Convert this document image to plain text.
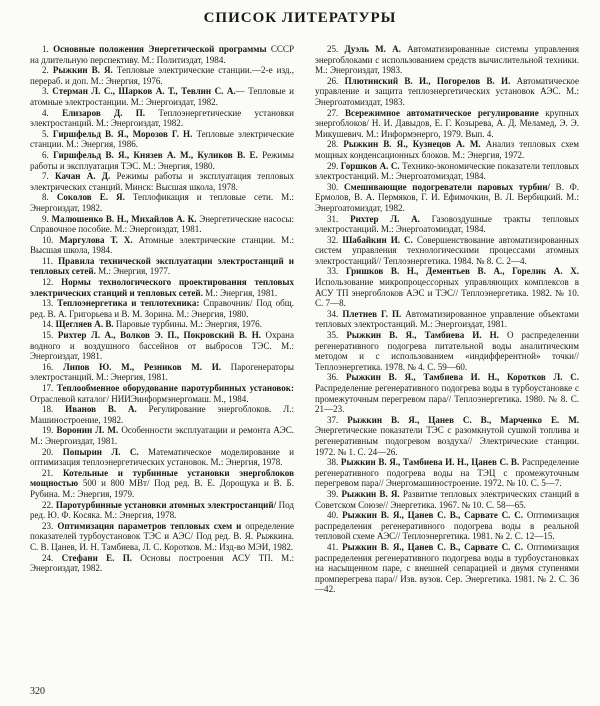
СПИСОК ЛИТЕРАТУРЫ

1. Основные положения Энергетической программы СССР на длительную перспективу. М.: Политиздат, 1984.

2. Рыжкин В. Я. Тепловые электрические станции.—2-е изд., перераб. и доп. М.: Энергия, 1976.

3. Стерман Л. С., Шарков А. Т., Тевлин С. А.— Тепловые и атомные электростанции. М.: Энергоиздат, 1982.

4. Елизаров Д. П. Теплоэнергетические установки электростанций. М.: Энергоиздат, 1982.

5. Гиршфельд В. Я., Морозов Г. Н. Тепловые электрические станции. М.: Энергия, 1986.

6. Гиршфельд В. Я., Князев А. М., Куликов В. Е. Режимы работы и эксплуатация ТЭС. М.: Энергия, 1980.

7. Качан А. Д. Режимы работы и эксплуатация тепловых электрических станций. Минск: Высшая школа, 1978.

8. Соколов Е. Я. Теплофикация и тепловые сети. М.: Энергоиздат, 1982.

9. Малюшенко В. Н., Михайлов А. К. Энергетические насосы: Справочное пособие. М.: Энергоиздат, 1981.

10. Маргулова Т. Х. Атомные электрические станции. М.: Высшая школа, 1984.

11. Правила технической эксплуатации электростанций и тепловых сетей. М.: Энергия, 1977.

12. Нормы технологического проектирования тепловых электрических станций и тепловых сетей. М.: Энергия, 1981.

13. Теплоэнергетика и теплотехника: Справочник/ Под общ. ред. В. А. Григорьева и В. М. Зорина. М.: Энергия, 1980.

14. Щегляев А. В. Паровые турбины. М.: Энергия, 1976.

15. Рихтер Л. А., Волков Э. П., Покровский В. Н. Охрана водного и воздушного бассейнов от выбросов ТЭС. М.: Энергоиздат, 1981.

16. Липов Ю. М., Резников М. И. Парогенераторы электростанций. М.: Энергия, 1981.

17. Теплообменное оборудование паротурбинных установок: Отраслевой каталог/ НИИЭинформэнергомаш. М., 1984.

18. Иванов В. А. Регулирование энергоблоков. Л.: Машиностроение, 1982.

19. Воронин Л. М. Особенности эксплуатации и ремонта АЭС. М.: Энергоиздат, 1981.

20. Попырин Л. С. Математическое моделирование и оптимизация теплоэнергетических установок. М.: Энергия, 1978.

21. Котельные и турбинные установки энергоблоков мощностью 500 и 800 МВт/ Под ред. В. Е. Дорощука и В. Б. Рубина. М.: Энергия, 1979.

22. Паротурбинные установки атомных электростанций/ Под ред. Ю. Ф. Косяка. М.: Энергия, 1978.

23. Оптимизация параметров тепловых схем и определение показателей турбоустановок ТЭС и АЭС/ Под ред. В. Я. Рыжкина. С. В. Цанев, И. Н. Тамбиева, Л. С. Коротков. М.: Изд-во МЭИ, 1982.

24. Стефани Е. П. Основы построения АСУ ТП. М.: Энергоиздат, 1982.

25. Дуэль М. А. Автоматизированные системы управления энергоблоками с использованием средств вычислительной техники. М.: Энергоиздат, 1983.

26. Плютинский В. И., Погорелов В. И. Автоматическое управление и защита теплоэнергетических установок АЭС. М.: Энергоатомиздат, 1983.

27. Всережимное автоматическое регулирование крупных энергоблоков/ Н. И. Давыдов, Е. Г. Козырева, А. Д. Меламед, Э. Э. Микушевич. М.: Информэнерго, 1979. Вып. 4.

28. Рыжкин В. Я., Кузнецов А. М. Анализ тепловых схем мощных конденсационных блоков. М.: Энергия, 1972.

29. Горшков А. С. Технико-экономические показатели тепловых электростанций. М.: Энергоатомиздат, 1984.

30. Смешивающие подогреватели паровых турбин/ В. Ф. Ермолов, В. А. Пермяков, Г. И. Ефимочкин, В. Л. Вербицкий. М.: Энергоатомиздат, 1982.

31. Рихтер Л. А. Газовоздушные тракты тепловых электростанций. М.: Энергоатомиздат, 1984.

32. Шабайкин И. С. Совершенствование автоматизированных систем управления технологическими процессами атомных электростанций// Теплоэнергетика. 1984. № 8. С. 2—4.

33. Гришков В. Н., Дементьев В. А., Горелик А. Х. Использование микропроцессорных управляющих комплексов в АСУ ТП энергоблоков АЭС и ТЭС// Теплоэнергетика. 1982. № 10. С. 7—8.

34. Плетнев Г. П. Автоматизированное управление объектами тепловых электростанций. М.: Энергоиздат, 1981.

35. Рыжкин В. Я., Тамбиева И. Н. О распределении регенеративного подогрева питательной воды аналитическим методом и с использованием «индифферентной» точки// Теплоэнергетика. 1978. № 4. С. 59—60.

36. Рыжкин В. Я., Тамбиева И. Н., Коротков Л. С. Распределение регенеративного подогрева воды в турбоустановке с промежуточным перегревом пара// Теплоэнергетика. 1980. № 8. С. 21—23.

37. Рыжкин В. Я., Цанев С. В., Марченко Е. М. Энергетические показатели ТЭС с разомкнутой сушкой топлива и регенеративным подогревом воздуха// Электрические станции. 1972. № 1. С. 24—26.

38. Рыжкин В. Я., Тамбиева И. Н., Цанев С. В. Распределение регенеративного подогрева воды на ТЭЦ с промежуточным перегревом пара// Энергомашиностроение. 1972. № 10. С. 5—7.

39. Рыжкин В. Я. Развитие тепловых электрических станций в Советском Союзе// Энергетика. 1967. № 10. С. 58—65.

40. Рыжкин В. Я., Цанев С. В., Сарвате С. С. Оптимизация распределения регенеративного подогрева воды в реальной тепловой схеме АЭС// Теплоэнергетика. 1981. № 2. С. 12—15.

41. Рыжкин В. Я., Цанев С. В., Сарвате С. С. Оптимизация распределения регенеративного подогрева воды в турбоустановках на насыщенном паре, с внешней сепарацией и двумя ступенями промперегрева пара// Изв. вузов. Сер. Энергетика. 1981. № 2. С. 36—42.

320
